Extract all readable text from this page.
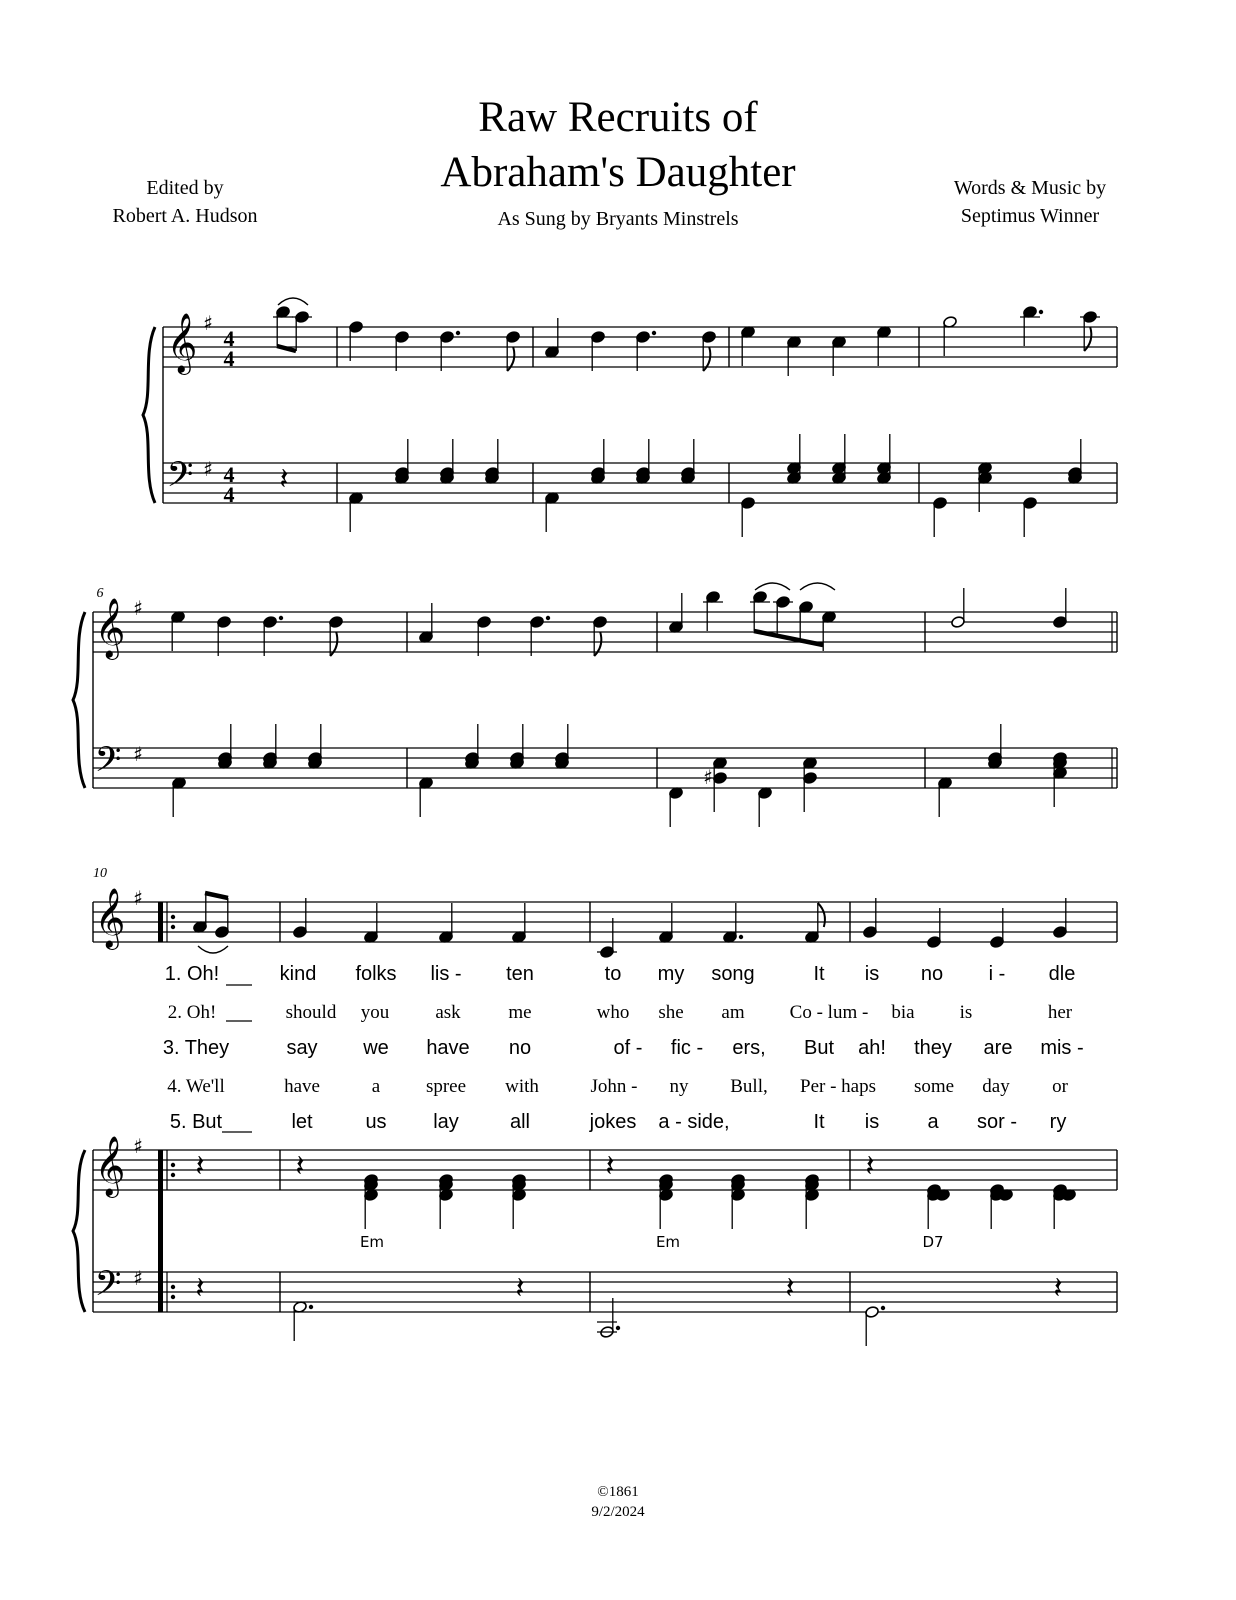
Raw Recruits of
Abraham's Daughter
As Sung by Bryants Minstrels
Edited by
Robert A. Hudson
Words & Music by
Septimus Winner
𝄞
𝄢
♯
♯
4
4
4
4 𝄽
6
𝄞
𝄢
♯
♯
♯
10
𝄞
𝄞
𝄢
♯
♯
♯
1. Oh!	kind folks lis - ten	to my song	It is no i - dle
2. Oh!	should you ask	me	who she am Co - lum - bia is	her
3. They	say we have no	of - fic - ers, But ah! they are mis -
4. We'll	have	a spree with	John - ny Bull, Per - haps some day or
5. But	let	us lay	all	jokes a - side,	It is a sor - ry
𝄽	𝄽	𝄽	𝄽
Em	Em	D7
𝄽	𝄽	𝄽	𝄽
©1861
9/2/2024
